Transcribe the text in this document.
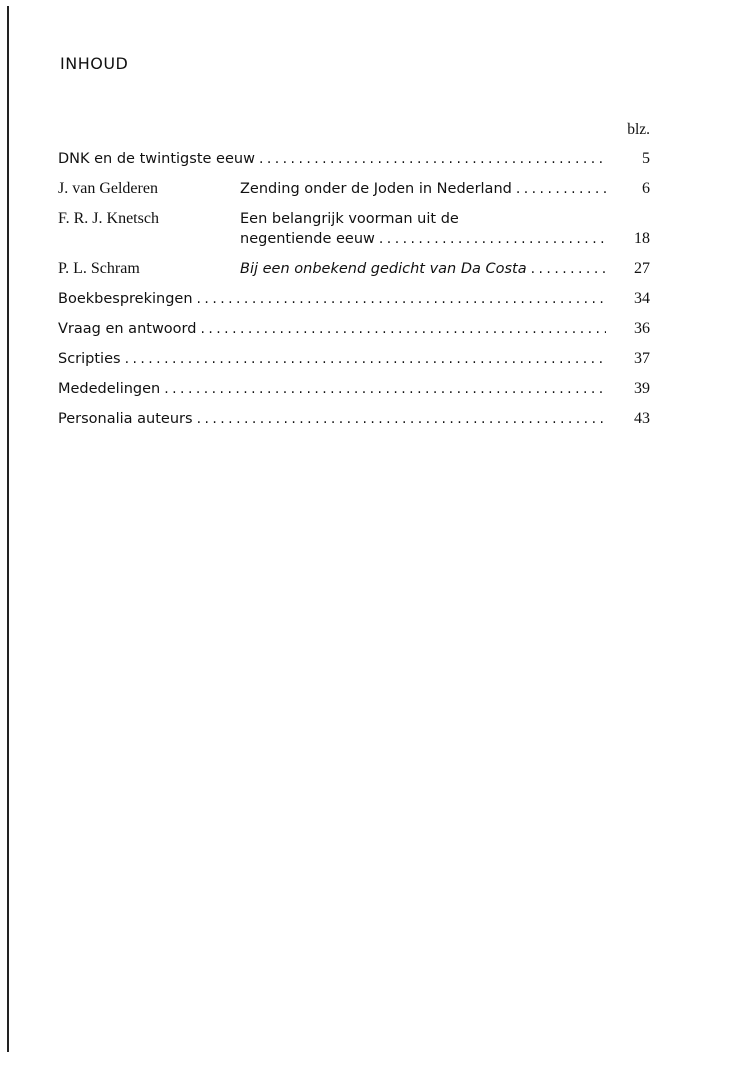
INHOUD
blz.
DNK en de twintigste eeuw . . .	5
J. van Gelderen	Zending onder de Joden in Nederland . . .	6
F. R. J. Knetsch	Een belangrijk voorman uit de
negentiende eeuw . . .	18
P. L. Schram	Bij een onbekend gedicht van Da Costa . . .	27
Boekbesprekingen . . .	34
Vraag en antwoord . . .	36
Scripties . . .	37
Mededelingen . . .	39
Personalia auteurs . . .	43
